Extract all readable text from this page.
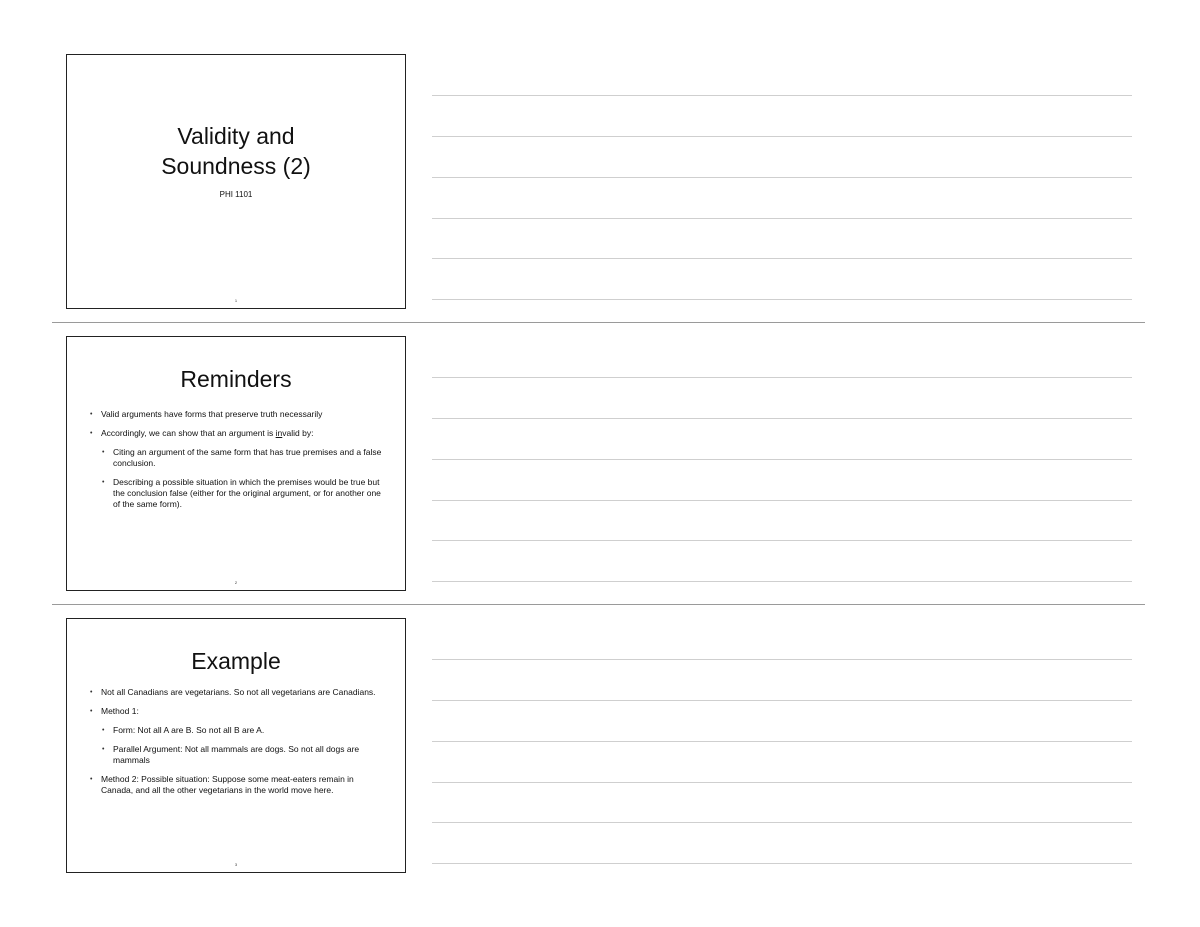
Validity and
Soundness (2)
PHI 1101
1
Reminders
• Valid arguments have forms that preserve truth necessarily
• Accordingly, we can show that an argument is invalid by:
• Citing an argument of the same form that has true premises and a false conclusion.
• Describing a possible situation in which the premises would be true but the conclusion false (either for the original argument, or for another one of the same form).
2
Example
• Not all Canadians are vegetarians. So not all vegetarians are Canadians.
• Method 1:
• Form: Not all A are B. So not all B are A.
• Parallel Argument: Not all mammals are dogs. So not all dogs are mammals
• Method 2: Possible situation: Suppose some meat-eaters remain in Canada, and all the other vegetarians in the world move here.
3
